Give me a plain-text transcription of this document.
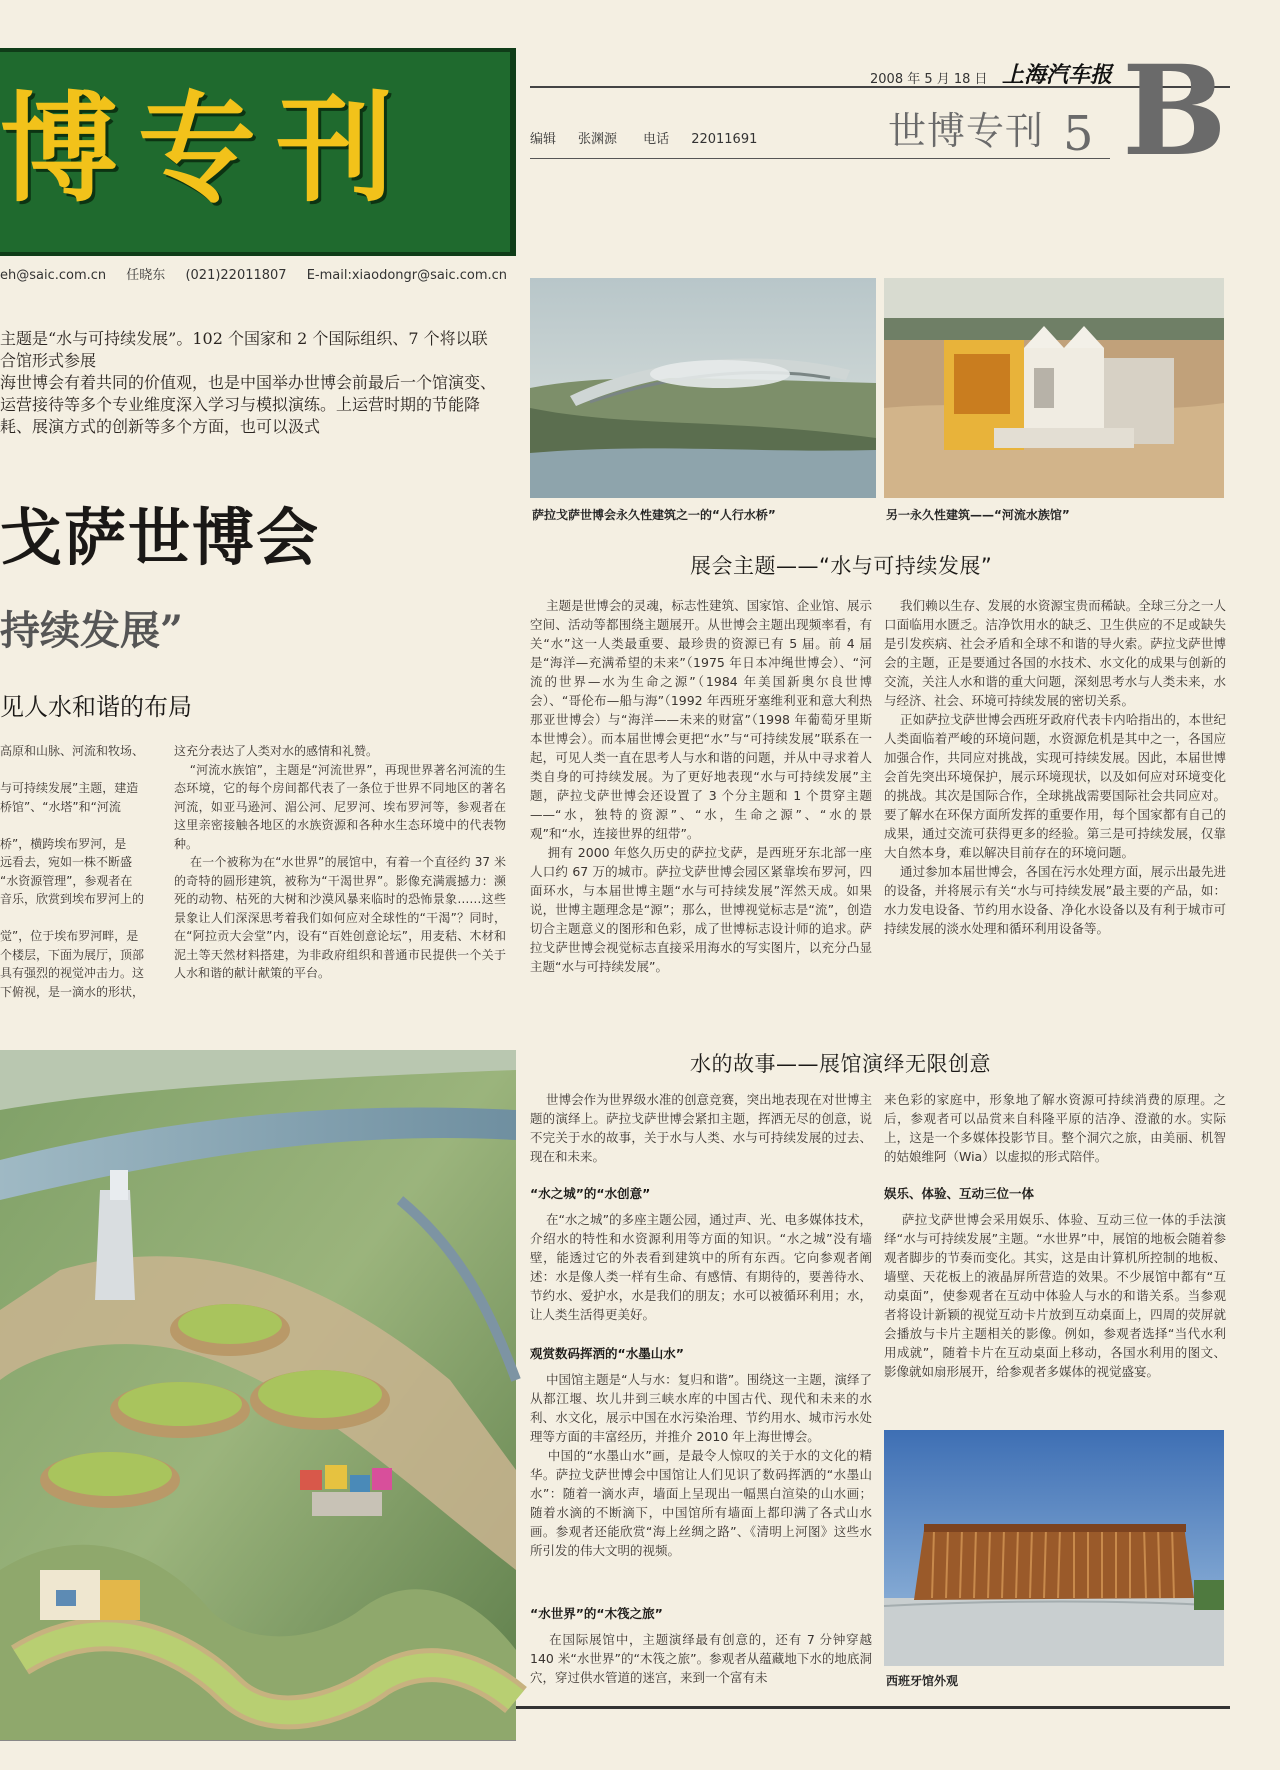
博专刊
eh@saic.com.cn 任晓东 (021)22011807 E-mail:xiaodongr@saic.com.cn
2008 年 5 月 18 日 上海汽车报
世博专刊 5 B
编辑 张渊源 电话 22011691
主题是“水与可持续发展”。102 个国家和 2 个国际组织、7 个将以联合馆形式参展
海世博会有着共同的价值观，也是中国举办世博会前最后一个馆演变、运营接待等多个专业维度深入学习与模拟演练。上运营时期的节能降耗、展演方式的创新等多个方面，也可以汲式
戈萨世博会
持续发展”
见人水和谐的布局
高原和山脉、河流和牧场、

与可持续发展”主题，建造
桥馆”、“水塔”和“河流

桥”，横跨埃布罗河，是
远看去，宛如一株不断盛
“水资源管理”，参观者在
音乐，欣赏到埃布罗河上的

觉”，位于埃布罗河畔，是
个楼层，下面为展厅，顶部
具有强烈的视觉冲击力。这
下俯视，是一滴水的形状，
这充分表达了人类对水的感情和礼赞。
“河流水族馆”，主题是“河流世界”，再现世界著名河流的生态环境，它的每个房间都代表了一条位于世界不同地区的著名河流，如亚马逊河、湄公河、尼罗河、埃布罗河等，参观者在这里亲密接触各地区的水族资源和各种水生态环境中的代表物种。
在一个被称为在“水世界”的展馆中，有着一个直径约 37 米的奇特的圆形建筑，被称为“干渴世界”。影像充满震撼力：濒死的动物、枯死的大树和沙漠风暴来临时的恐怖景象……这些景象让人们深深思考着我们如何应对全球性的“干渴”？同时，在“阿拉贡大会堂”内，设有“百姓创意论坛”，用麦秸、木材和泥土等天然材料搭建，为非政府组织和普通市民提供一个关于人水和谐的献计献策的平台。
萨拉戈萨世博会永久性建筑之一的“人行水桥”	另一永久性建筑——“河流水族馆”
展会主题——“水与可持续发展”
主题是世博会的灵魂，标志性建筑、国家馆、企业馆、展示空间、活动等都围绕主题展开。从世博会主题出现频率看，有关“水”这一人类最重要、最珍贵的资源已有 5 届。前 4 届是“海洋—充满希望的未来”（1975 年日本冲绳世博会）、“河流的世界—水为生命之源”（1984 年美国新奥尔良世博会）、“哥伦布—船与海”（1992 年西班牙塞维利亚和意大利热那亚世博会）与“海洋——未来的财富”（1998 年葡萄牙里斯本世博会）。而本届世博会更把“水”与“可持续发展”联系在一起，可见人类一直在思考人与水和谐的问题，并从中寻求着人类自身的可持续发展。为了更好地表现“水与可持续发展”主题，萨拉戈萨世博会还设置了 3 个分主题和 1 个贯穿主题——“水，独特的资源”、“水，生命之源”、“水的景观”和“水，连接世界的纽带”。
拥有 2000 年悠久历史的萨拉戈萨，是西班牙东北部一座人口约 67 万的城市。萨拉戈萨世博会园区紧靠埃布罗河，四面环水，与本届世博主题“水与可持续发展”浑然天成。如果说，世博主题理念是“源”；那么，世博视觉标志是“流”，创造切合主题意义的图形和色彩，成了世博标志设计师的追求。萨拉戈萨世博会视觉标志直接采用海水的写实图片，以充分凸显主题“水与可持续发展”。
我们赖以生存、发展的水资源宝贵而稀缺。全球三分之一人口面临用水匮乏。洁净饮用水的缺乏、卫生供应的不足或缺失是引发疾病、社会矛盾和全球不和谐的导火索。萨拉戈萨世博会的主题，正是要通过各国的水技术、水文化的成果与创新的交流，关注人水和谐的重大问题，深刻思考水与人类未来，水与经济、社会、环境可持续发展的密切关系。
正如萨拉戈萨世博会西班牙政府代表卡内哈指出的，本世纪人类面临着严峻的环境问题，水资源危机是其中之一，各国应加强合作，共同应对挑战，实现可持续发展。因此，本届世博会首先突出环境保护，展示环境现状，以及如何应对环境变化的挑战。其次是国际合作，全球挑战需要国际社会共同应对。要了解水在环保方面所发挥的重要作用，每个国家都有自己的成果，通过交流可获得更多的经验。第三是可持续发展，仅靠大自然本身，难以解决目前存在的环境问题。
通过参加本届世博会，各国在污水处理方面，展示出最先进的设备，并将展示有关“水与可持续发展”最主要的产品，如：水力发电设备、节约用水设备、净化水设备以及有利于城市可持续发展的淡水处理和循环利用设备等。
水的故事——展馆演绎无限创意
世博会作为世界级水准的创意竞赛，突出地表现在对世博主题的演绎上。萨拉戈萨世博会紧扣主题，挥洒无尽的创意，说不完关于水的故事，关于水与人类、水与可持续发展的过去、现在和未来。
“水之城”的“水创意”
在“水之城”的多座主题公园，通过声、光、电多媒体技术，介绍水的特性和水资源利用等方面的知识。“水之城”没有墙壁，能透过它的外表看到建筑中的所有东西。它向参观者阐述：水是像人类一样有生命、有感情、有期待的，要善待水、节约水、爱护水，水是我们的朋友；水可以被循环利用；水，让人类生活得更美好。
观赏数码挥洒的“水墨山水”
中国馆主题是“人与水：复归和谐”。围绕这一主题，演绎了从都江堰、坎儿井到三峡水库的中国古代、现代和未来的水利、水文化，展示中国在水污染治理、节约用水、城市污水处理等方面的丰富经历，并推介 2010 年上海世博会。
中国的“水墨山水”画，是最令人惊叹的关于水的文化的精华。萨拉戈萨世博会中国馆让人们见识了数码挥洒的“水墨山水”：随着一滴水声，墙面上呈现出一幅黑白渲染的山水画；随着水滴的不断滴下，中国馆所有墙面上都印满了各式山水画。参观者还能欣赏“海上丝绸之路”、《清明上河图》这些水所引发的伟大文明的视频。
“水世界”的“木筏之旅”
在国际展馆中，主题演绎最有创意的，还有 7 分钟穿越 140 米“水世界”的“木筏之旅”。参观者从蕴藏地下水的地底洞穴，穿过供水管道的迷宫，来到一个富有未
来色彩的家庭中，形象地了解水资源可持续消费的原理。之后，参观者可以品赏来自科隆平原的洁净、澄澈的水。实际上，这是一个多媒体投影节目。整个洞穴之旅，由美丽、机智的姑娘维阿（Wia）以虚拟的形式陪伴。
娱乐、体验、互动三位一体
萨拉戈萨世博会采用娱乐、体验、互动三位一体的手法演绎“水与可持续发展”主题。“水世界”中，展馆的地板会随着参观者脚步的节奏而变化。其实，这是由计算机所控制的地板、墙壁、天花板上的液晶屏所营造的效果。不少展馆中都有“互动桌面”，使参观者在互动中体验人与水的和谐关系。当参观者将设计新颖的视觉互动卡片放到互动桌面上，四周的荧屏就会播放与卡片主题相关的影像。例如，参观者选择“当代水利用成就”，随着卡片在互动桌面上移动，各国水利用的图文、影像就如扇形展开，给参观者多媒体的视觉盛宴。
西班牙馆外观
